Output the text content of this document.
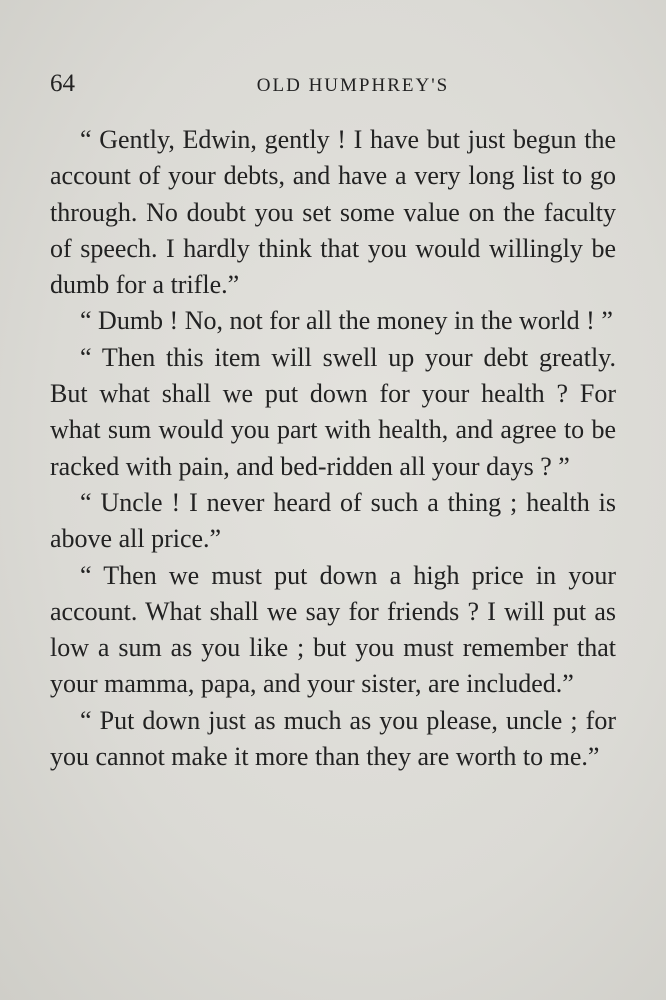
64	OLD HUMPHREY'S

“ Gently, Edwin, gently ! I have but just begun the account of your debts, and have a very long list to go through. No doubt you set some value on the faculty of speech. I hardly think that you would willingly be dumb for a trifle.”

“ Dumb ! No, not for all the money in the world ! ”

“ Then this item will swell up your debt greatly. But what shall we put down for your health ? For what sum would you part with health, and agree to be racked with pain, and bed-ridden all your days ? ”

“ Uncle ! I never heard of such a thing ; health is above all price.”

“ Then we must put down a high price in your account. What shall we say for friends ? I will put as low a sum as you like ; but you must remember that your mamma, papa, and your sister, are included.”

“ Put down just as much as you please, uncle ; for you cannot make it more than they are worth to me.”
